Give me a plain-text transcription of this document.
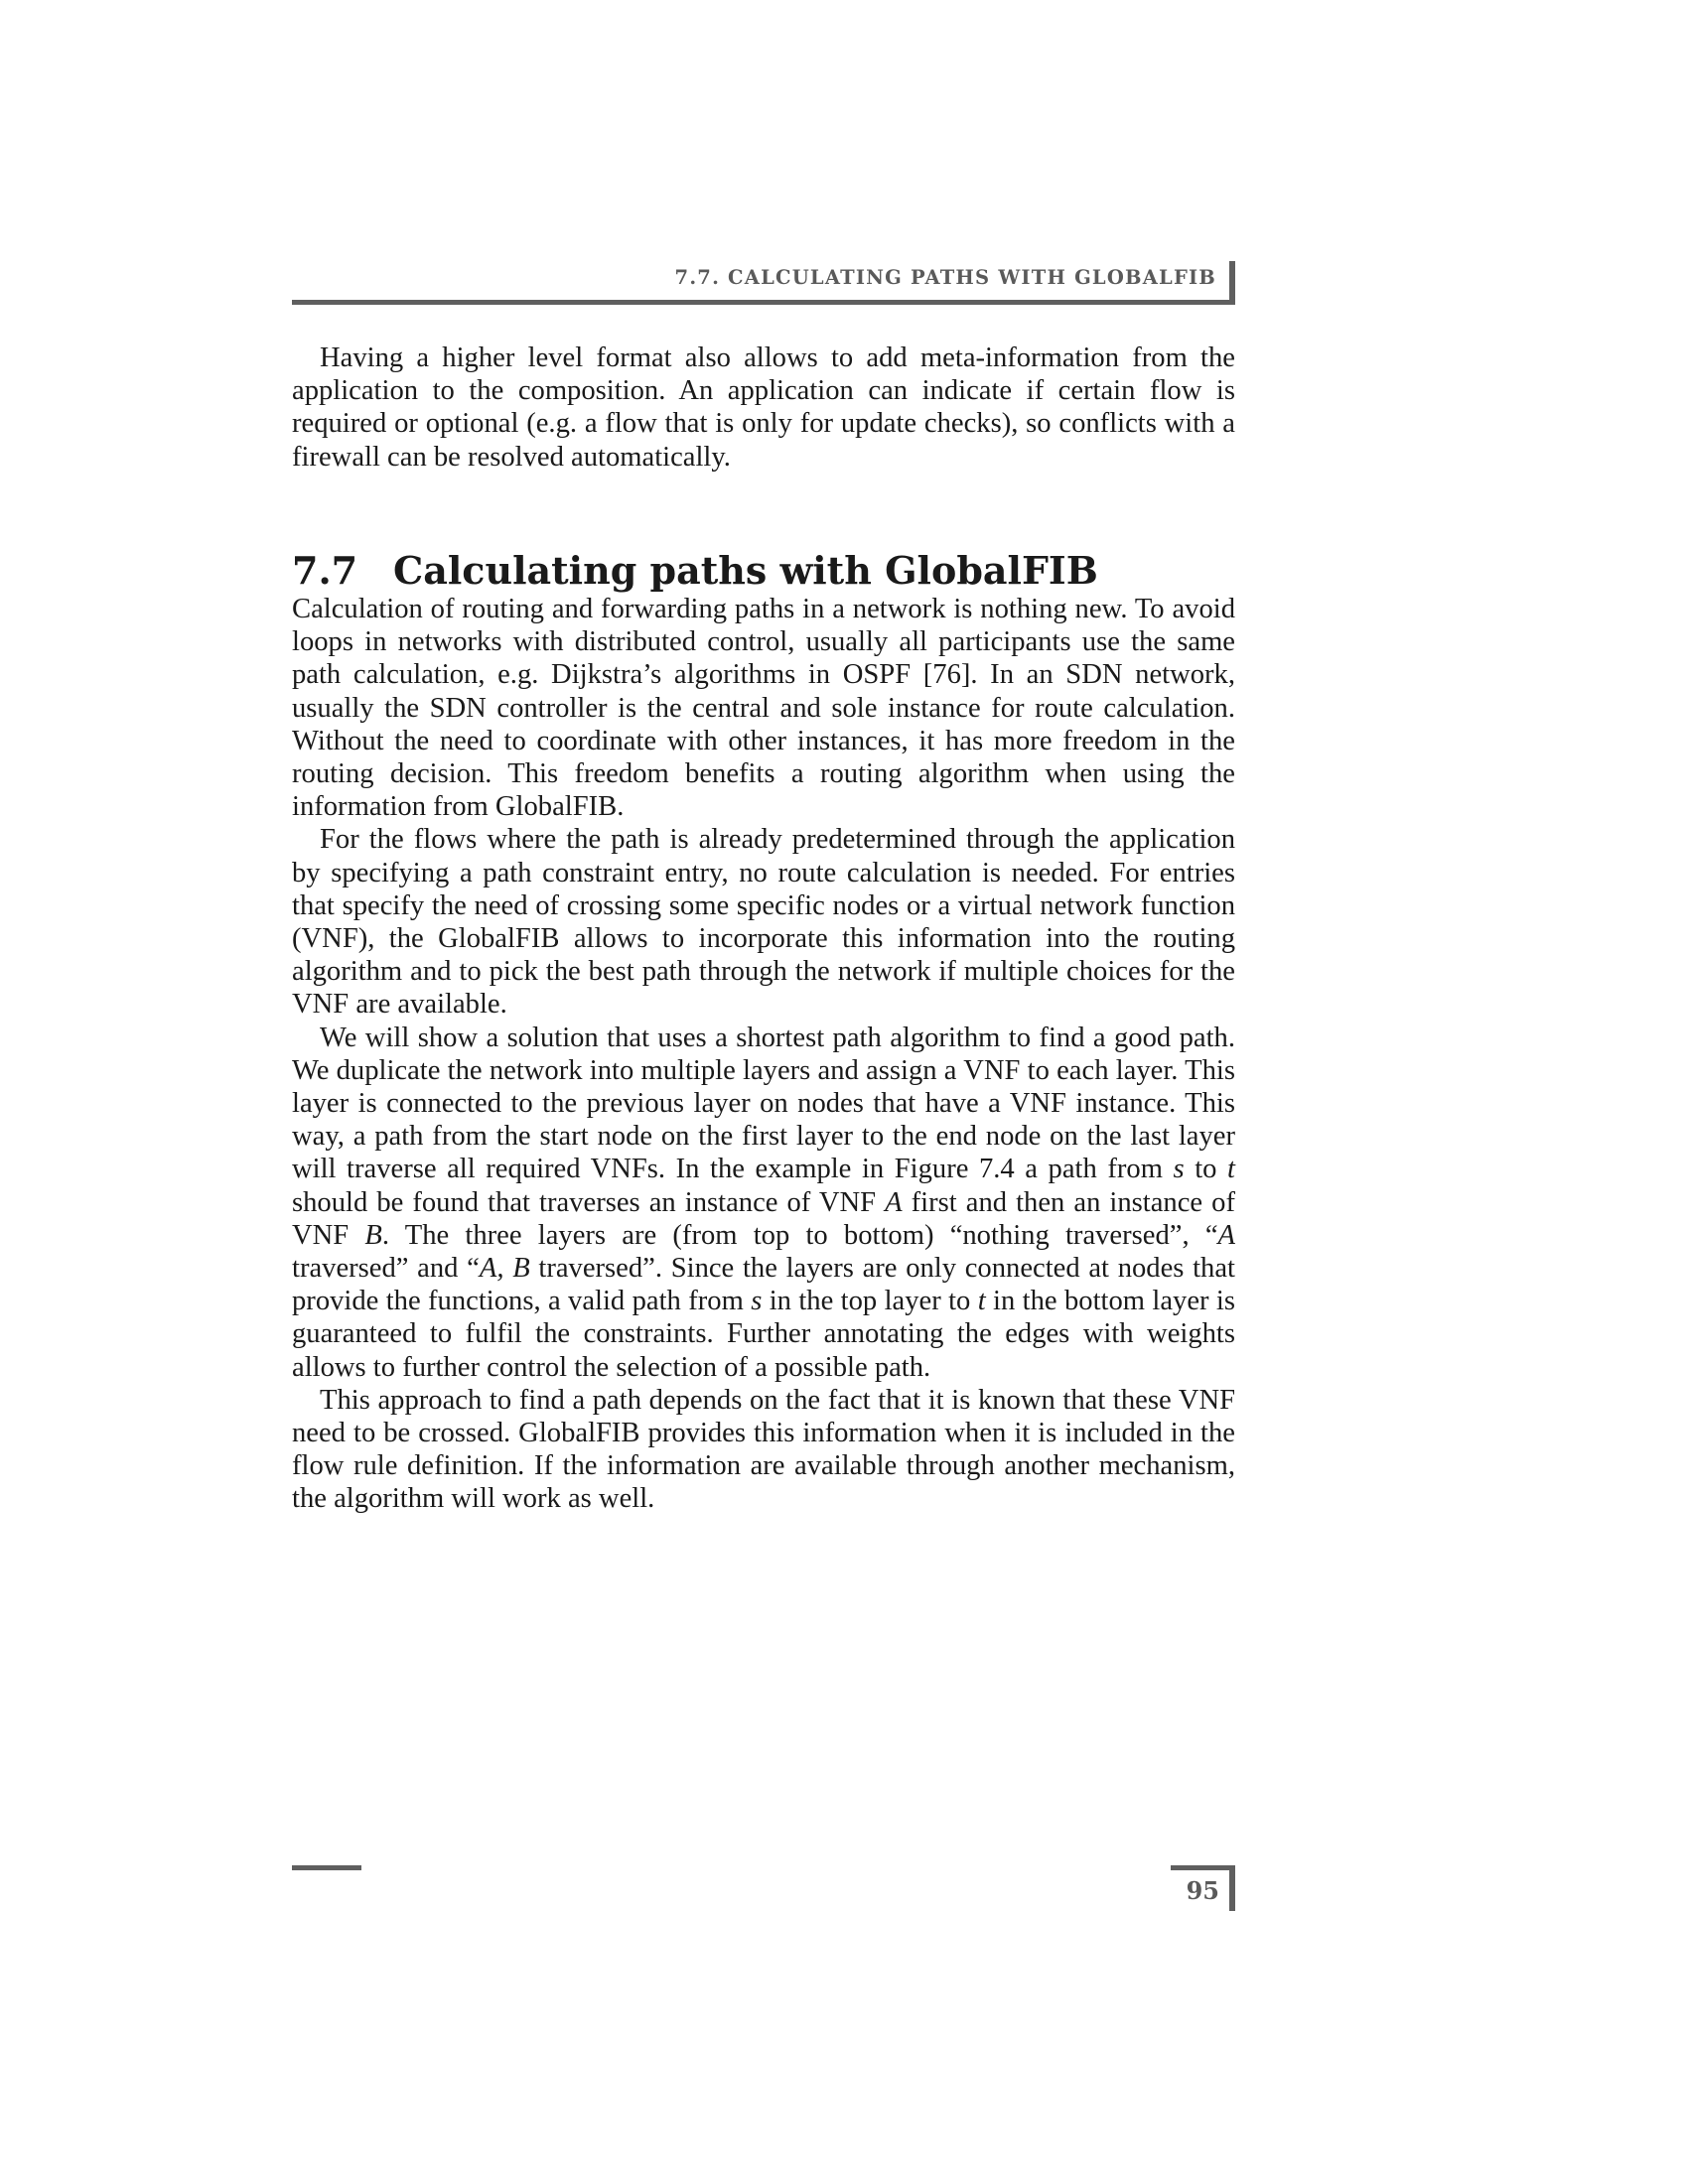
7.7. CALCULATING PATHS WITH GLOBALFIB

Having a higher level format also allows to add meta-information from the application to the composition. An application can indicate if certain flow is required or optional (e.g. a flow that is only for update checks), so conflicts with a firewall can be resolved automatically.

7.7 Calculating paths with GlobalFIB

Calculation of routing and forwarding paths in a network is nothing new. To avoid loops in networks with distributed control, usually all participants use the same path calculation, e.g. Dijkstra’s algorithms in OSPF [76]. In an SDN network, usually the SDN controller is the central and sole instance for route calculation. Without the need to coordinate with other instances, it has more freedom in the routing decision. This freedom benefits a routing algorithm when using the information from GlobalFIB.

For the flows where the path is already predetermined through the application by specifying a path constraint entry, no route calculation is needed. For entries that specify the need of crossing some specific nodes or a virtual network function (VNF), the GlobalFIB allows to incorporate this information into the routing algorithm and to pick the best path through the network if multiple choices for the VNF are available.

We will show a solution that uses a shortest path algorithm to find a good path. We duplicate the network into multiple layers and assign a VNF to each layer. This layer is connected to the previous layer on nodes that have a VNF instance. This way, a path from the start node on the first layer to the end node on the last layer will traverse all required VNFs. In the example in Figure 7.4 a path from s to t should be found that traverses an instance of VNF A first and then an instance of VNF B. The three layers are (from top to bottom) “nothing traversed”, “A traversed” and “A, B traversed”. Since the layers are only connected at nodes that provide the functions, a valid path from s in the top layer to t in the bottom layer is guaranteed to fulfil the constraints. Further annotating the edges with weights allows to further control the selection of a possible path.

This approach to find a path depends on the fact that it is known that these VNF need to be crossed. GlobalFIB provides this information when it is included in the flow rule definition. If the information are available through another mechanism, the algorithm will work as well.

95
